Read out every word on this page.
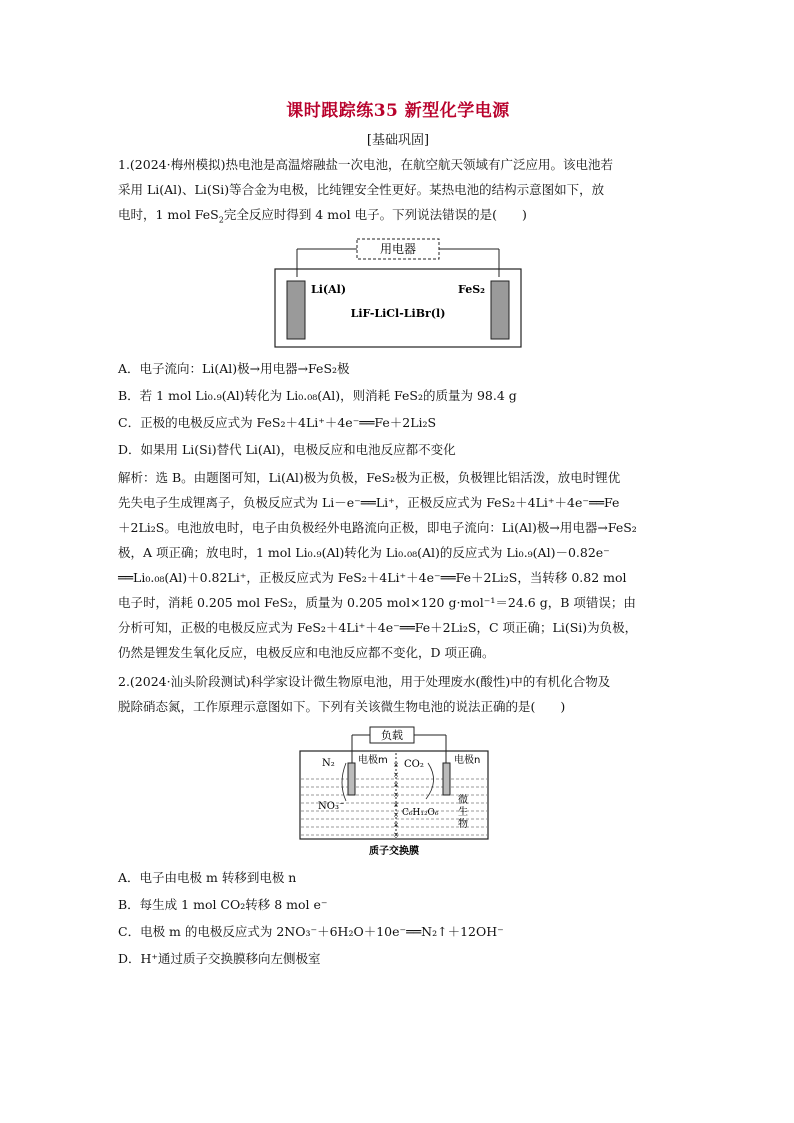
课时跟踪练35 新型化学电源
[基础巩固]

1.(2024·梅州模拟)热电池是高温熔融盐一次电池，在航空航天领域有广泛应用。该电池若

采用 Li(Al)、Li(Si)等合金为电极，比纯锂安全性更好。某热电池的结构示意图如下，放

电时，1 mol FeS$_2$完全反应时得到 4 mol 电子。下列说法错误的是(　　)

用电器
Li(Al)	FeS₂
LiF-LiCl-LiBr(l)

A．电子流向：Li(Al)极→用电器→FeS₂极

B．若 1 mol Li₀.₉(Al)转化为 Li₀.₀₈(Al)，则消耗 FeS₂的质量为 98.4 g

C．正极的电极反应式为 FeS₂＋4Li⁺＋4e⁻══Fe＋2Li₂S

D．如果用 Li(Si)替代 Li(Al)，电极反应和电池反应都不变化

解析：选 B。由题图可知，Li(Al)极为负极，FeS₂极为正极，负极锂比铝活泼，放电时锂优

先失电子生成锂离子，负极反应式为 Li－e⁻══Li⁺，正极反应式为 FeS₂＋4Li⁺＋4e⁻══Fe

＋2Li₂S。电池放电时，电子由负极经外电路流向正极，即电子流向：Li(Al)极→用电器→FeS₂

极，A 项正确；放电时，1 mol Li₀.₉(Al)转化为 Li₀.₀₈(Al)的反应式为 Li₀.₉(Al)－0.82e⁻

══Li₀.₀₈(Al)＋0.82Li⁺，正极反应式为 FeS₂＋4Li⁺＋4e⁻══Fe＋2Li₂S，当转移 0.82 mol

电子时，消耗 0.205 mol FeS₂，质量为 0.205 mol×120 g·mol⁻¹＝24.6 g，B 项错误；由

分析可知，正极的电极反应式为 FeS₂＋4Li⁺＋4e⁻══Fe＋2Li₂S，C 项正确；Li(Si)为负极，

仍然是锂发生氧化反应，电极反应和电池反应都不变化，D 项正确。

2.(2024·汕头阶段测试)科学家设计微生物原电池，用于处理废水(酸性)中的有机化合物及

脱除硝态氮，工作原理示意图如下。下列有关该微生物电池的说法正确的是(　　)

负载
×
×
×
×
×
×
×
×
N₂ 电极m CO₂	电极n
NO₃⁻
C₆H₁₂O₆
微
生
物
质子交换膜

A．电子由电极 m 转移到电极 n

B．每生成 1 mol CO₂转移 8 mol e⁻

C．电极 m 的电极反应式为 2NO₃⁻＋6H₂O＋10e⁻══N₂↑＋12OH⁻

D．H⁺通过质子交换膜移向左侧极室
